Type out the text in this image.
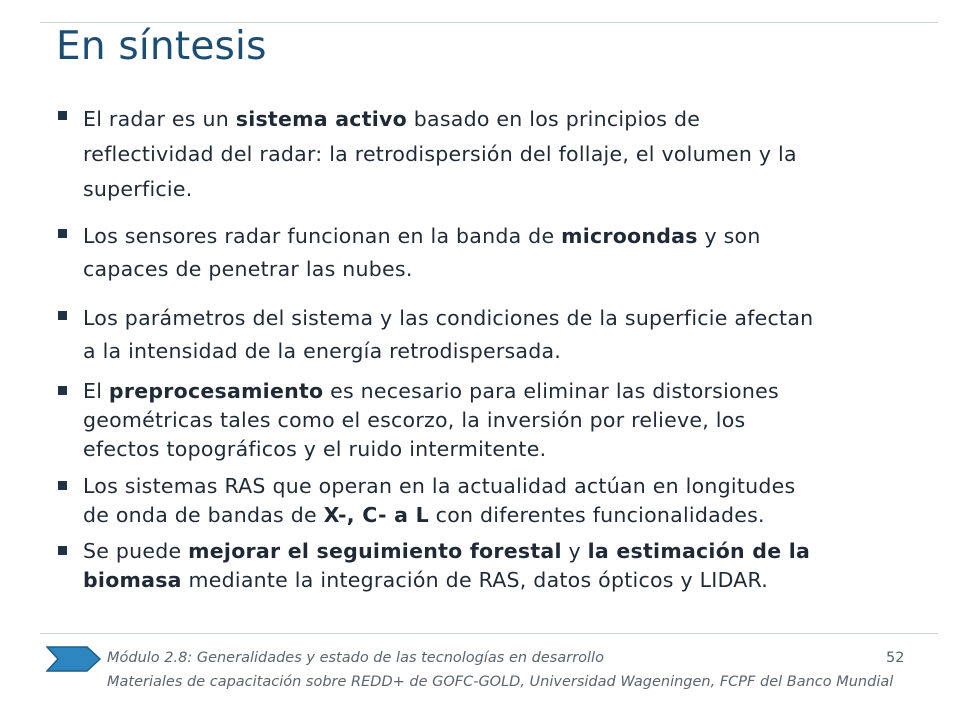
En síntesis
El radar es un sistema activo basado en los principios de
reflectividad del radar: la retrodispersión del follaje, el volumen y la
superficie.
Los sensores radar funcionan en la banda de microondas y son
capaces de penetrar las nubes.
Los parámetros del sistema y las condiciones de la superficie afectan
a la intensidad de la energía retrodispersada.
El preprocesamiento es necesario para eliminar las distorsiones
geométricas tales como el escorzo, la inversión por relieve, los
efectos topográficos y el ruido intermitente.
Los sistemas RAS que operan en la actualidad actúan en longitudes
de onda de bandas de X-, C- a L con diferentes funcionalidades.
Se puede mejorar el seguimiento forestal y la estimación de la
biomasa mediante la integración de RAS, datos ópticos y LIDAR.
Módulo 2.8: Generalidades y estado de las tecnologías en desarrollo	52
Materiales de capacitación sobre REDD+ de GOFC-GOLD, Universidad Wageningen, FCPF del Banco Mundial
